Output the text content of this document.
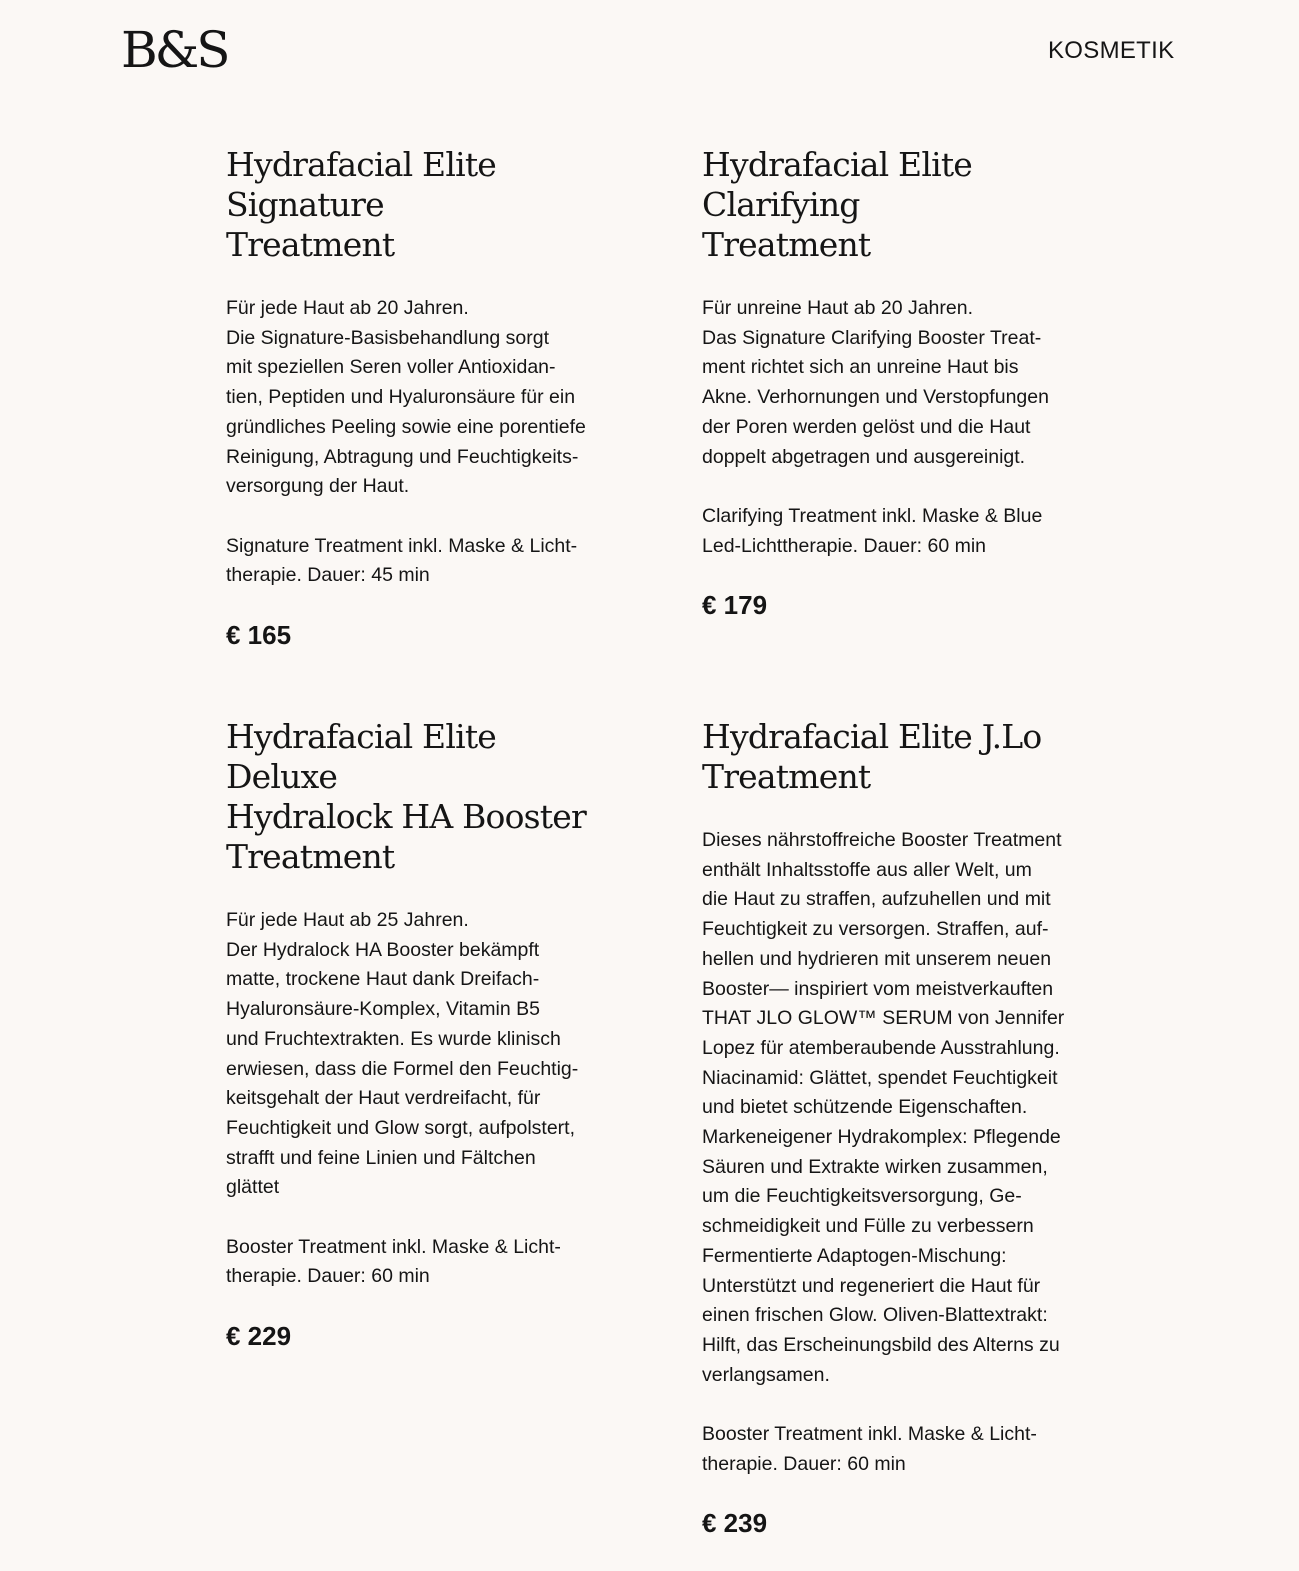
B&S	KOSMETIK
Hydrafacial Elite Signature
Treatment

Für jede Haut ab 20 Jahren.
Die Signature-Basisbehandlung sorgt
mit speziellen Seren voller Antioxidan-
tien, Peptiden und Hyaluronsäure für ein
gründliches Peeling sowie eine porentiefe
Reinigung, Abtragung und Feuchtigkeits-
versorgung der Haut.

Signature Treatment inkl. Maske & Licht-
therapie. Dauer: 45 min

€ 165
Hydrafacial Elite Clarifying
Treatment

Für unreine Haut ab 20 Jahren.
Das Signature Clarifying Booster Treat-
ment richtet sich an unreine Haut bis
Akne. Verhornungen und Verstopfungen
der Poren werden gelöst und die Haut
doppelt abgetragen und ausgereinigt.

Clarifying Treatment inkl. Maske & Blue
Led-Lichttherapie. Dauer: 60 min

€ 179
Hydrafacial Elite Deluxe
Hydralock HA Booster
Treatment

Für jede Haut ab 25 Jahren.
Der Hydralock HA Booster bekämpft
matte, trockene Haut dank Dreifach-
Hyaluronsäure-Komplex, Vitamin B5
und Fruchtextrakten. Es wurde klinisch
erwiesen, dass die Formel den Feuchtig-
keitsgehalt der Haut verdreifacht, für
Feuchtigkeit und Glow sorgt, aufpolstert,
strafft und feine Linien und Fältchen
glättet

Booster Treatment inkl. Maske & Licht-
therapie. Dauer: 60 min

€ 229
Hydrafacial Elite J.Lo
Treatment

Dieses nährstoffreiche Booster Treatment
enthält Inhaltsstoffe aus aller Welt, um
die Haut zu straffen, aufzuhellen und mit
Feuchtigkeit zu versorgen. Straffen, auf-
hellen und hydrieren mit unserem neuen
Booster— inspiriert vom meistverkauften
THAT JLO GLOW™ SERUM von Jennifer
Lopez für atemberaubende Ausstrahlung.
Niacinamid: Glättet, spendet Feuchtigkeit
und bietet schützende Eigenschaften.
Markeneigener Hydrakomplex: Pflegende
Säuren und Extrakte wirken zusammen,
um die Feuchtigkeitsversorgung, Ge-
schmeidigkeit und Fülle zu verbessern
Fermentierte Adaptogen-Mischung:
Unterstützt und regeneriert die Haut für
einen frischen Glow. Oliven-Blattextrakt:
Hilft, das Erscheinungsbild des Alterns zu
verlangsamen.

Booster Treatment inkl. Maske & Licht-
therapie. Dauer: 60 min

€ 239
